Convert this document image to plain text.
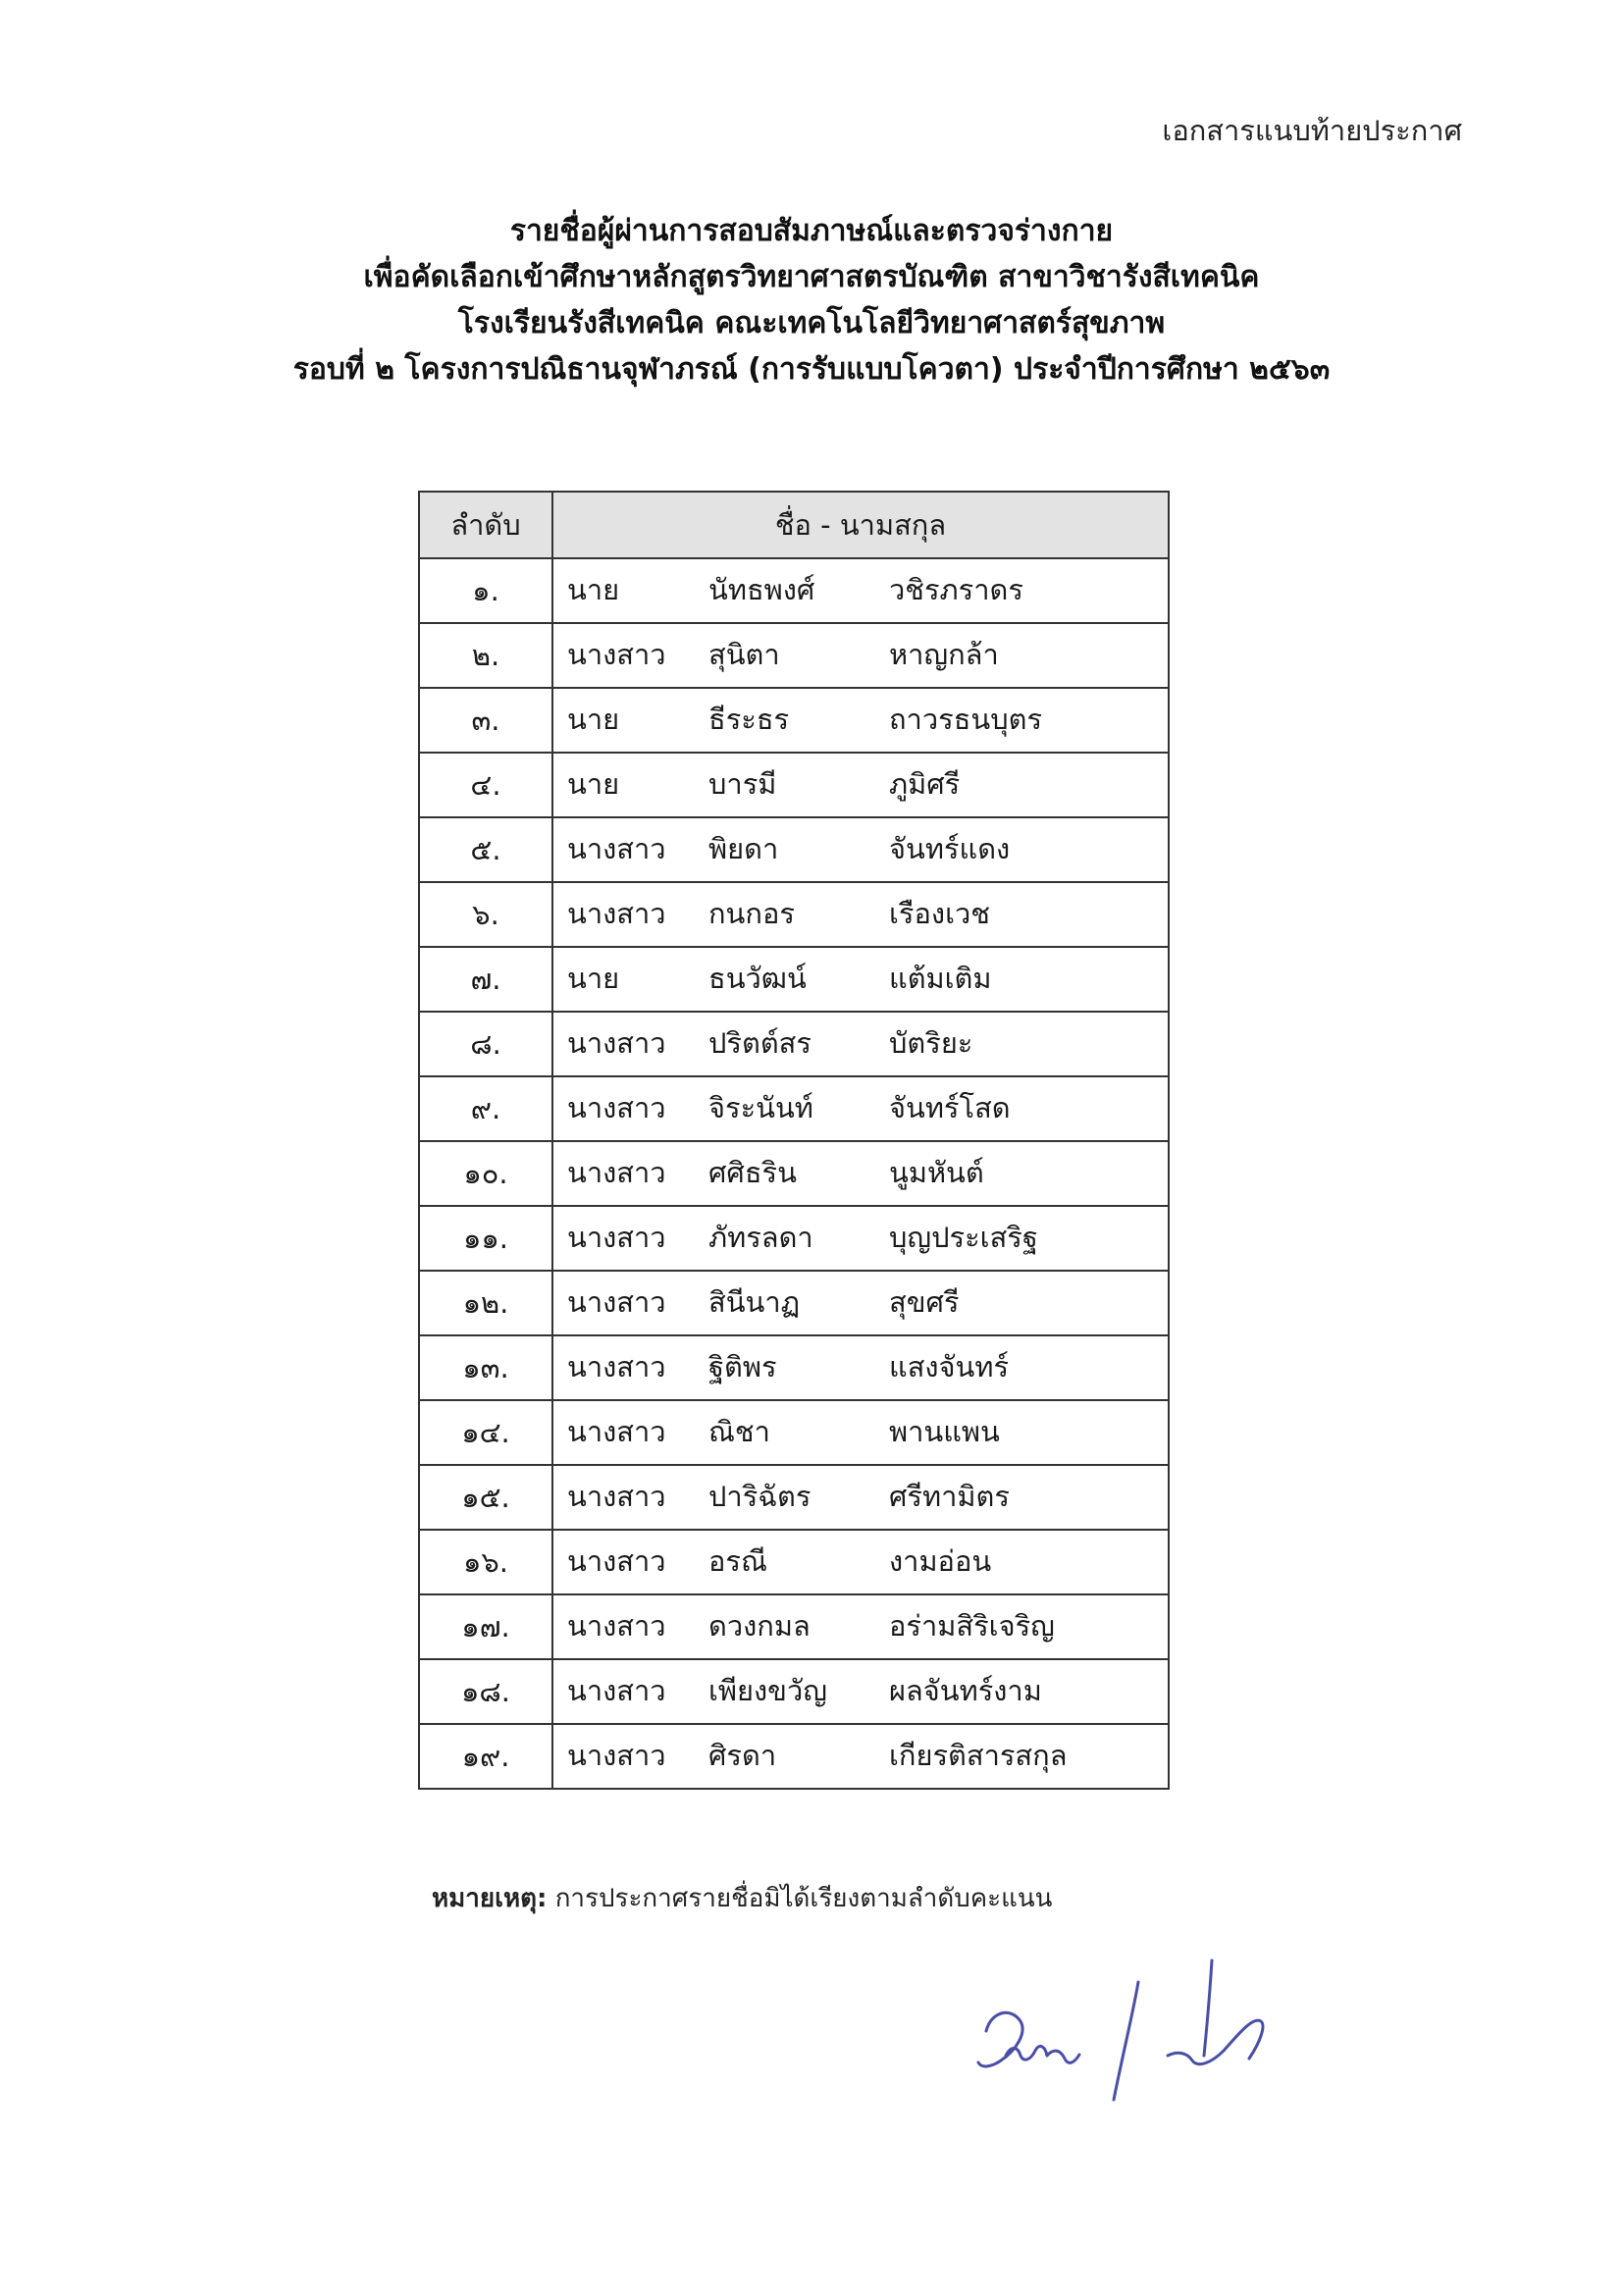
เอกสารแนบท้ายประกาศ
รายชื่อผู้ผ่านการสอบสัมภาษณ์และตรวจร่างกาย
เพื่อคัดเลือกเข้าศึกษาหลักสูตรวิทยาศาสตรบัณฑิต สาขาวิชารังสีเทคนิค
โรงเรียนรังสีเทคนิค คณะเทคโนโลยีวิทยาศาสตร์สุขภาพ
รอบที่ ๒ โครงการปณิธานจุฬาภรณ์ (การรับแบบโควตา) ประจำปีการศึกษา ๒๕๖๓
ลำดับ	ชื่อ - นามสกุล
๑.	นาย นัทธพงศ์ วชิรภราดร

๒.	นางสาว สุนิตา หาญกล้า

๓.	นาย ธีระธร ถาวรธนบุตร

๔.	นาย บารมี ภูมิศรี

๕.	นางสาว พิยดา จันทร์แดง

๖.	นางสาว กนกอร เรืองเวช

๗.	นาย ธนวัฒน์ แต้มเติม

๘.	นางสาว ปริตต์สร บัตริยะ

๙.	นางสาว จิระนันท์ จันทร์โสด

๑๐.	นางสาว ศศิธริน นูมหันต์

๑๑.	นางสาว ภัทรลดา บุญประเสริฐ

๑๒.	นางสาว สินีนาฏ สุขศรี

๑๓.	นางสาว ฐิติพร แสงจันทร์

๑๔.	นางสาว ณิชา พานแพน

๑๕.	นางสาว ปาริฉัตร ศรีทามิตร

๑๖.	นางสาว อรณี งามอ่อน

๑๗.	นางสาว ดวงกมล อร่ามสิริเจริญ

๑๘.	นางสาว เพียงขวัญ ผลจันทร์งาม

๑๙.	นางสาว ศิรดา เกียรติสารสกุล
หมายเหตุ: การประกาศรายชื่อมิได้เรียงตามลำดับคะแนน
